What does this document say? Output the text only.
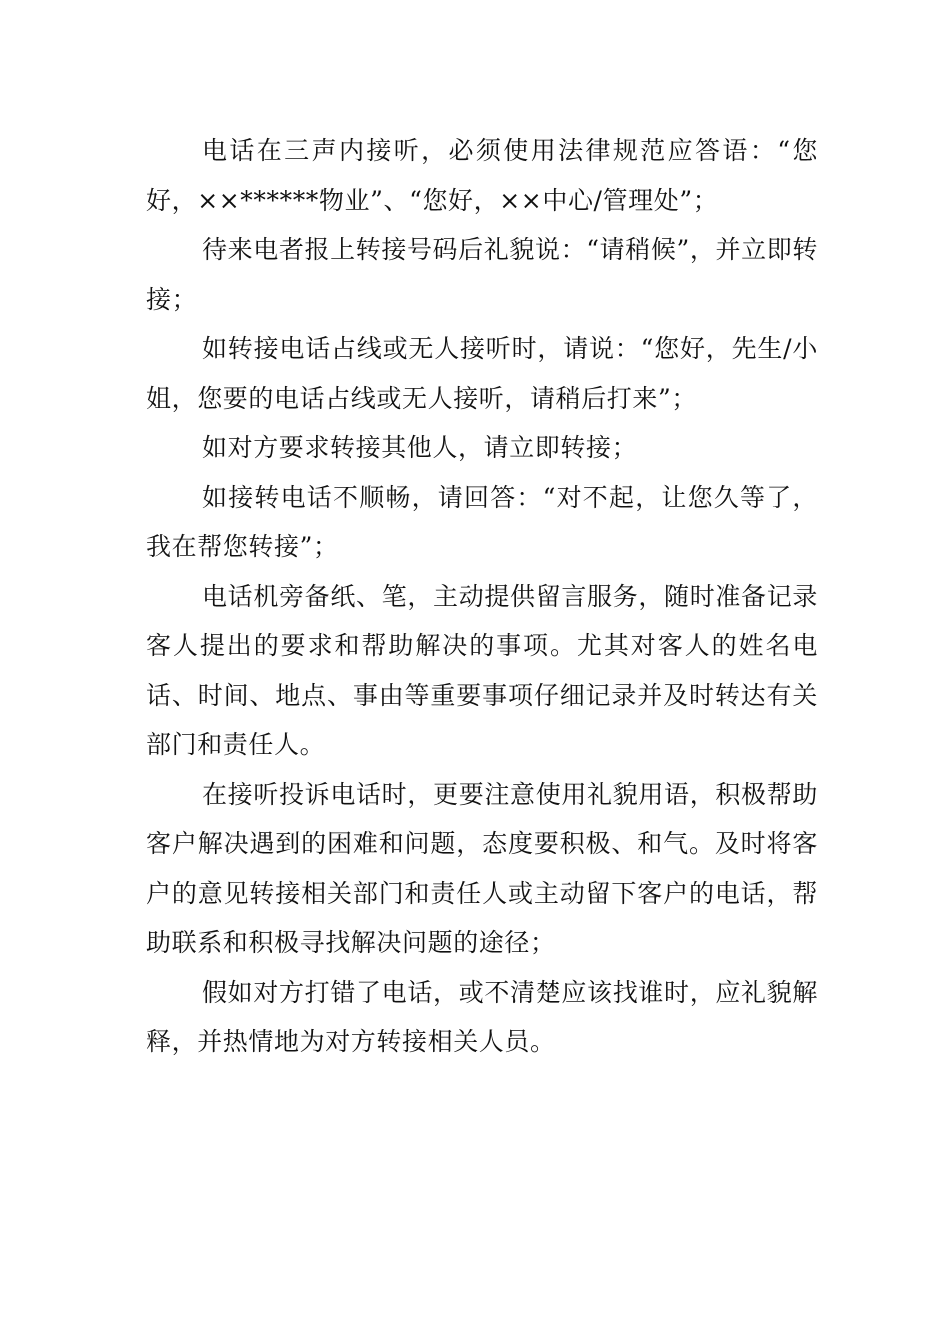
电话在三声内接听，必须使用法律规范应答语：“您好，××******物业”、“您好，××中心/管理处”；

待来电者报上转接号码后礼貌说：“请稍候”，并立即转接；

如转接电话占线或无人接听时，请说：“您好，先生/小姐，您要的电话占线或无人接听，请稍后打来”；

如对方要求转接其他人，请立即转接；

如接转电话不顺畅，请回答：“对不起，让您久等了，我在帮您转接”；

电话机旁备纸、笔，主动提供留言服务，随时准备记录客人提出的要求和帮助解决的事项。尤其对客人的姓名电话、时间、地点、事由等重要事项仔细记录并及时转达有关部门和责任人。

在接听投诉电话时，更要注意使用礼貌用语，积极帮助客户解决遇到的困难和问题，态度要积极、和气。及时将客户的意见转接相关部门和责任人或主动留下客户的电话，帮助联系和积极寻找解决问题的途径；

假如对方打错了电话，或不清楚应该找谁时，应礼貌解释，并热情地为对方转接相关人员。
